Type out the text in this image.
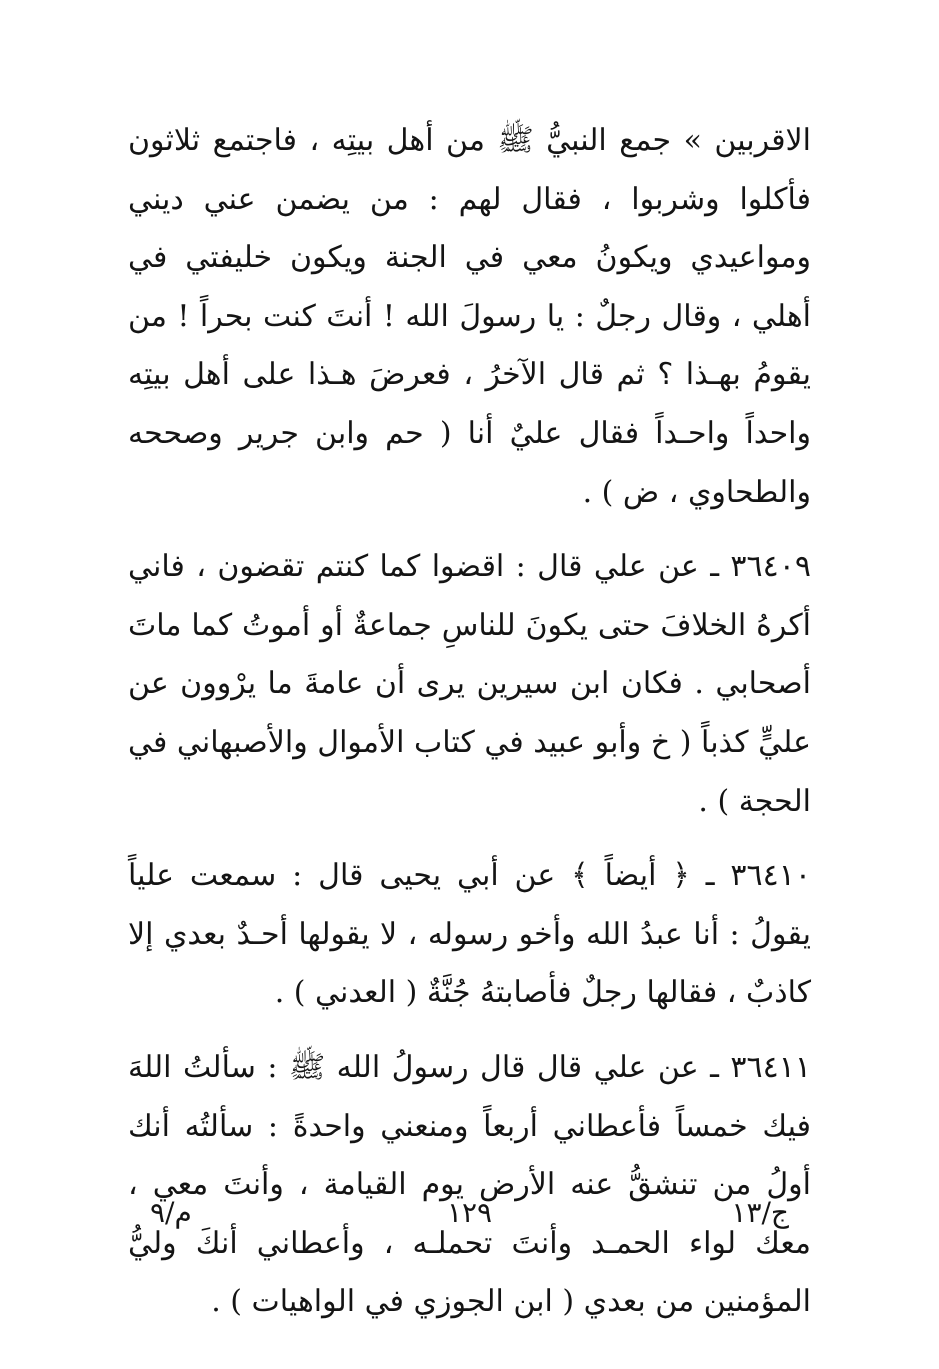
الاقربين » جمع النبيُّ ﷺ من أهل بيتِه ، فاجتمع ثلاثون فأكلوا وشربوا ، فقال لهم : من يضمن عني ديني ومواعيدي ويكونُ معي في الجنة ويكون خليفتي في أهلي ، وقال رجلٌ : يا رسولَ الله ! أنتَ كنت بحراً ! من يقومُ بهـذا ؟ ثم قال الآخرُ ، فعرضَ هـذا على أهل بيتِه واحداً واحـداً فقال عليٌ أنا ( حم وابن جرير وصححه والطحاوي ، ض ) .

٣٦٤٠٩ ـ عن علي قال : اقضوا كما كنتم تقضون ، فاني أكرهُ الخلافَ حتى يكونَ للناسِ جماعةٌ أو أموتُ كما ماتَ أصحابي . فكان ابن سيرين يرى أن عامةَ ما يرْوون عن عليٍّ كذباً ( خ وأبو عبيد في كتاب الأموال والأصبهاني في الحجة ) .

٣٦٤١٠ ـ ﴿ أيضاً ﴾ عن أبي يحيى قال : سمعت علياً يقولُ : أنا عبدُ الله وأخو رسوله ، لا يقولها أحـدٌ بعدي إلا كاذبٌ ، فقالها رجلٌ فأصابتهُ جُنَّةٌ ( العدني ) .

٣٦٤١١ ـ عن علي قال قال رسولُ الله ﷺ : سألتُ اللهَ فيك خمساً فأعطاني أربعاً ومنعني واحدةً : سألتُه أنك أولُ من تنشقُّ عنه الأرض يوم القيامة ، وأنتَ معي ، معك لواء الحمـد وأنتَ تحملـه ، وأعطاني أنكَ وليُّ المؤمنين من بعدي ( ابن الجوزي في الواهيات ) .

ج/١٣
١٢٩
م/٩
